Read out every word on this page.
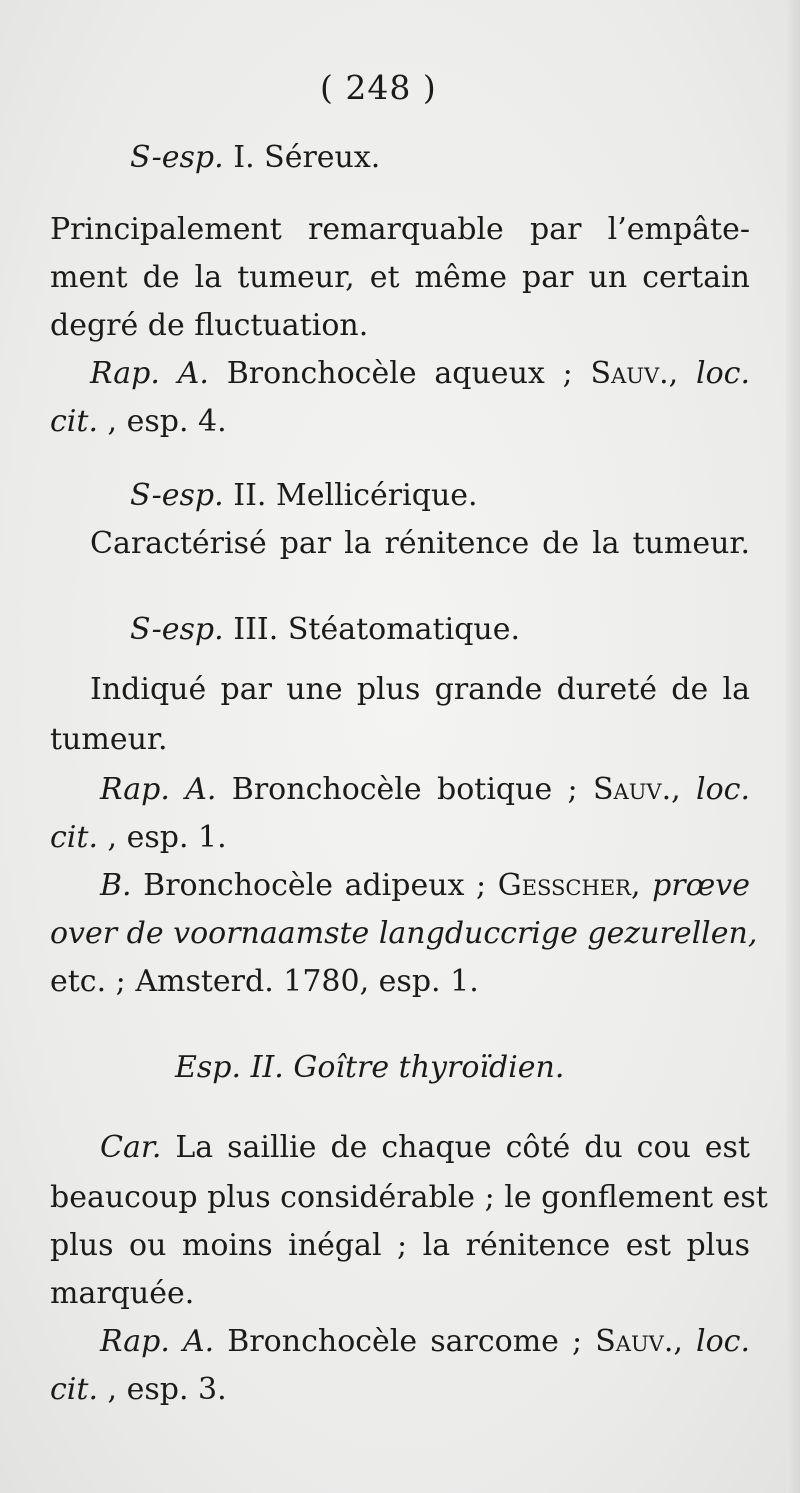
( 248 )
S-esp. I. Séreux.
Principalement remarquable par l’empâte-
ment de la tumeur, et même par un certain
degré de fluctuation.
Rap. A. Bronchocèle aqueux ; Sauv., loc.
cit. , esp. 4.
S-esp. II. Mellicérique.
Caractérisé par la rénitence de la tumeur.
S-esp. III. Stéatomatique.
Indiqué par une plus grande dureté de la
tumeur.
Rap. A. Bronchocèle botique ; Sauv., loc.
cit. , esp. 1.
B. Bronchocèle adipeux ; Gesscher, prœve
over de voornaamste langduccrige gezurellen,
etc. ; Amsterd. 1780, esp. 1.
Esp. II. Goître thyroïdien.
Car. La saillie de chaque côté du cou est
beaucoup plus considérable ; le gonflement est
plus ou moins inégal ; la rénitence est plus
marquée.
Rap. A. Bronchocèle sarcome ; Sauv., loc.
cit. , esp. 3.
